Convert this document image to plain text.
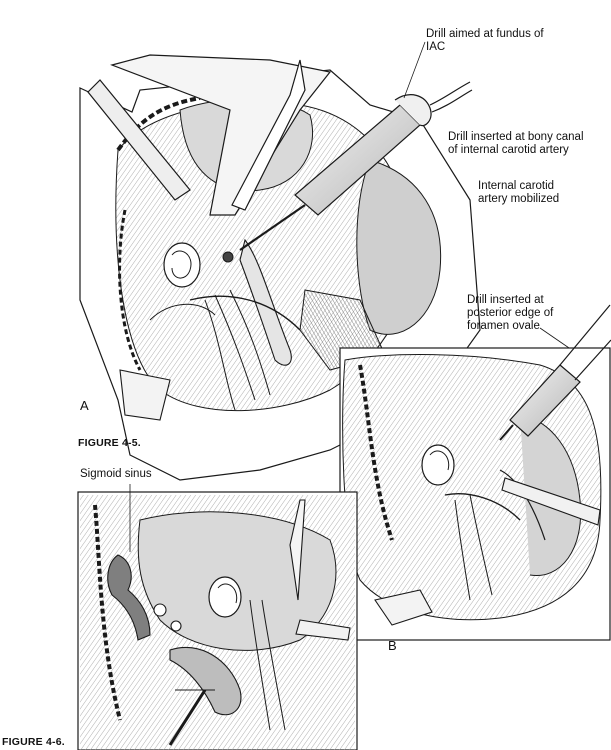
Drill aimed at fundus of
IAC
Drill inserted at bony canal
of internal carotid artery
Internal carotid
artery mobilized
Drill inserted at
posterior edge of
foramen ovale
A
B
FIGURE 4-5.
Sigmoid sinus
FIGURE 4-6.
